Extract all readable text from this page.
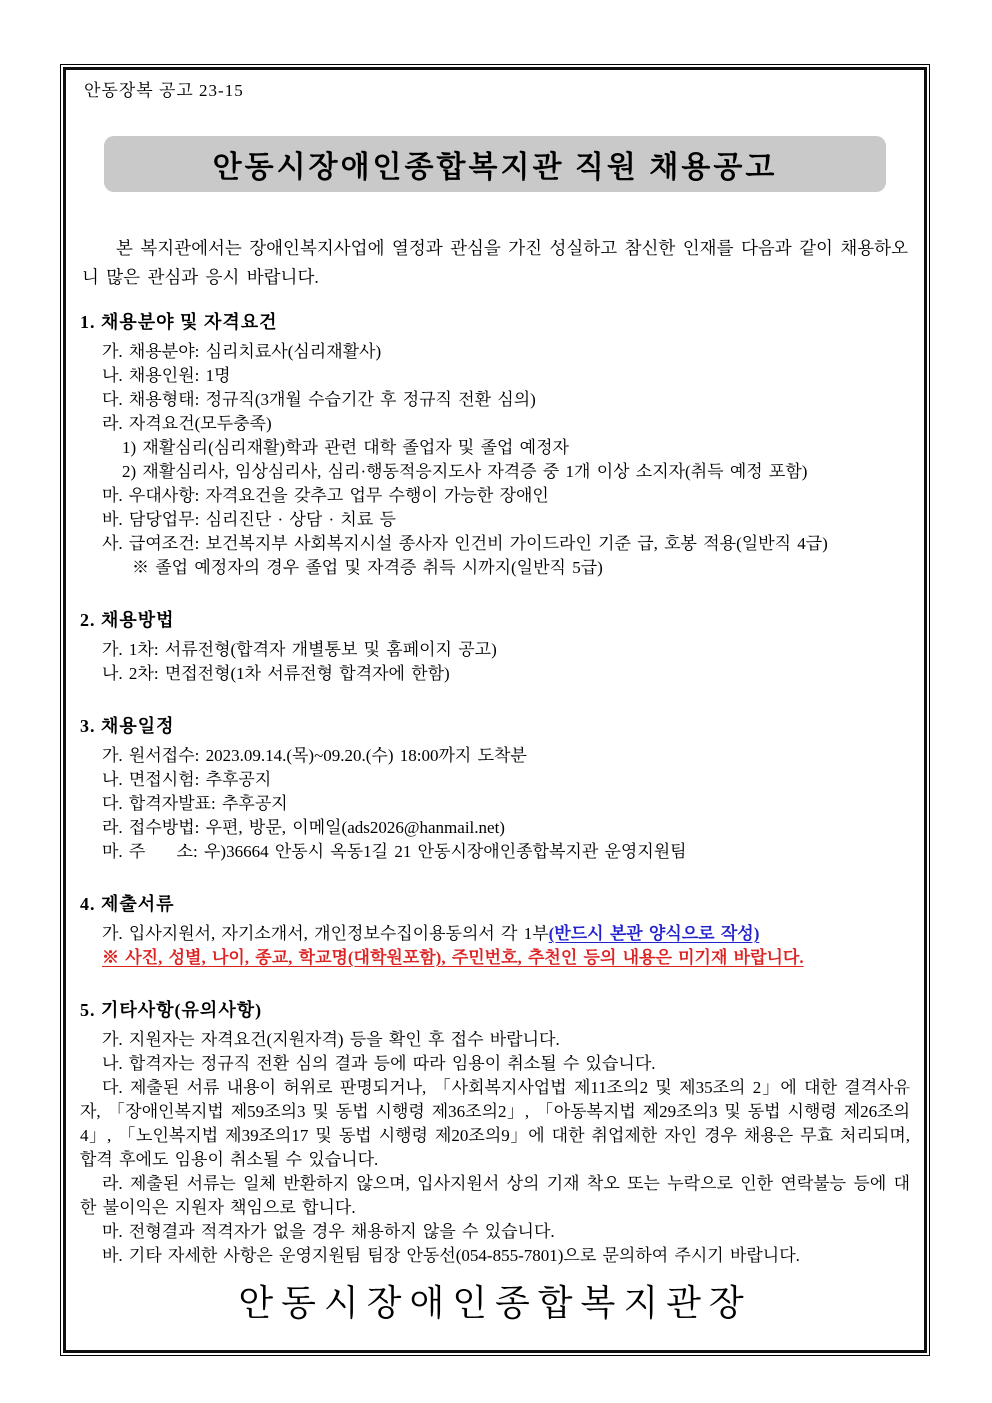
안동장복 공고 23-15
안동시장애인종합복지관 직원 채용공고

본 복지관에서는 장애인복지사업에 열정과 관심을 가진 성실하고 참신한 인재를 다음과 같이 채용하오니 많은 관심과 응시 바랍니다.

1. 채용분야 및 자격요건
가. 채용분야: 심리치료사(심리재활사)
나. 채용인원: 1명
다. 채용형태: 정규직(3개월 수습기간 후 정규직 전환 심의)
라. 자격요건(모두충족)
1) 재활심리(심리재활)학과 관련 대학 졸업자 및 졸업 예정자
2) 재활심리사, 임상심리사, 심리·행동적응지도사 자격증 중 1개 이상 소지자(취득 예정 포함)
마. 우대사항: 자격요건을 갖추고 업무 수행이 가능한 장애인
바. 담당업무: 심리진단 · 상담 · 치료 등
사. 급여조건: 보건복지부 사회복지시설 종사자 인건비 가이드라인 기준 급, 호봉 적용(일반직 4급)
※ 졸업 예정자의 경우 졸업 및 자격증 취득 시까지(일반직 5급)
2. 채용방법
가. 1차: 서류전형(합격자 개별통보 및 홈페이지 공고)
나. 2차: 면접전형(1차 서류전형 합격자에 한함)
3. 채용일정
가. 원서접수: 2023.09.14.(목)~09.20.(수) 18:00까지 도착분
나. 면접시험: 추후공지
다. 합격자발표: 추후공지
라. 접수방법: 우편, 방문, 이메일(ads2026@hanmail.net)
마. 주     소: 우)36664 안동시 옥동1길 21 안동시장애인종합복지관 운영지원팀
4. 제출서류
가. 입사지원서, 자기소개서, 개인정보수집이용동의서 각 1부(반드시 본관 양식으로 작성)
※ 사진, 성별, 나이, 종교, 학교명(대학원포함), 주민번호, 추천인 등의 내용은 미기재 바랍니다.
5. 기타사항(유의사항)
가. 지원자는 자격요건(지원자격) 등을 확인 후 접수 바랍니다.
나. 합격자는 정규직 전환 심의 결과 등에 따라 임용이 취소될 수 있습니다.
다. 제출된 서류 내용이 허위로 판명되거나, 「사회복지사업법 제11조의2 및 제35조의 2」에 대한 결격사유 자, 「장애인복지법 제59조의3 및 동법 시행령 제36조의2」, 「아동복지법 제29조의3 및 동법 시행령 제26조의4」, 「노인복지법 제39조의17 및 동법 시행령 제20조의9」에 대한 취업제한 자인 경우 채용은 무효 처리되며, 합격 후에도 임용이 취소될 수 있습니다.
라. 제출된 서류는 일체 반환하지 않으며, 입사지원서 상의 기재 착오 또는 누락으로 인한 연락불능 등에 대한 불이익은 지원자 책임으로 합니다.
마. 전형결과 적격자가 없을 경우 채용하지 않을 수 있습니다.
바. 기타 자세한 사항은 운영지원팀 팀장 안동선(054-855-7801)으로 문의하여 주시기 바랍니다.
안동시장애인종합복지관장
